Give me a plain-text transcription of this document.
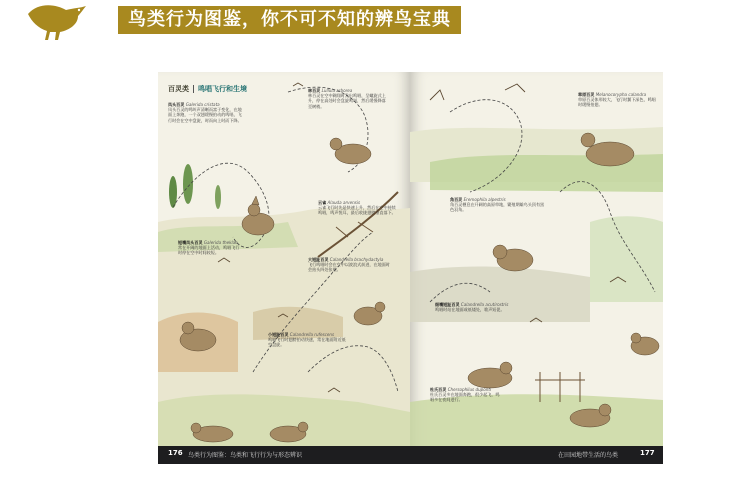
鸟类行为图鉴，你不可不知的辨鸟宝典
百灵类 鸣唱飞行和生境
凤头百灵 Galerida cristata
凤头百灵的鸣叫声清晰而富于变化，在地面上奔跑，一个双翅缓慢拍动的鸣唱，飞行时会在空中盘旋，时而向上时而下降。
林百灵 Lullula arborea
林百灵在空中翱翔时发出鸣唱，呈螺旋式上升，停在高处时会盘旋鸣叫，然后缓慢降落至树梢。
云雀 Alauda arvensis
云雀飞行时先是快速上升，然后在空中持续鸣唱，鸣声悦耳，最后收拢翅膀垂直落下。
短嘴凤头百灵 Galerida theklae
常在开阔的地面上活动，鸣唱飞行时停在空中时间较短。
大短趾百灵 Calandrella brachydactyla
飞行鸣唱时会在空中以波浪式前进，在地面时会抬头四处张望。
小短趾百灵 Calandrella rufescens
鸣唱飞行时翅膀拍动快速，常在地面附近低空盘旋。
草原百灵 Melanocorypha calandra
草原百灵体形较大，飞行时翼下深色，鸣唱时缓慢拍翅。
角百灵 Eremophila alpestris
角百灵栖息在开阔的高原草地，繁殖期雄鸟头顶有黑色羽角。
细嘴短趾百灵 Calandrella acutirostris
鸣唱时站在地面或低矮处，歌声短促。
杜氏百灵 Chersophilus duponti
杜氏百灵多在地面奔跑，很少起飞，鸣唱多在夜间进行。
176 鸟类行为图鉴：鸟类和飞行行为与形态辨识	在田园地带生活的鸟类	177
